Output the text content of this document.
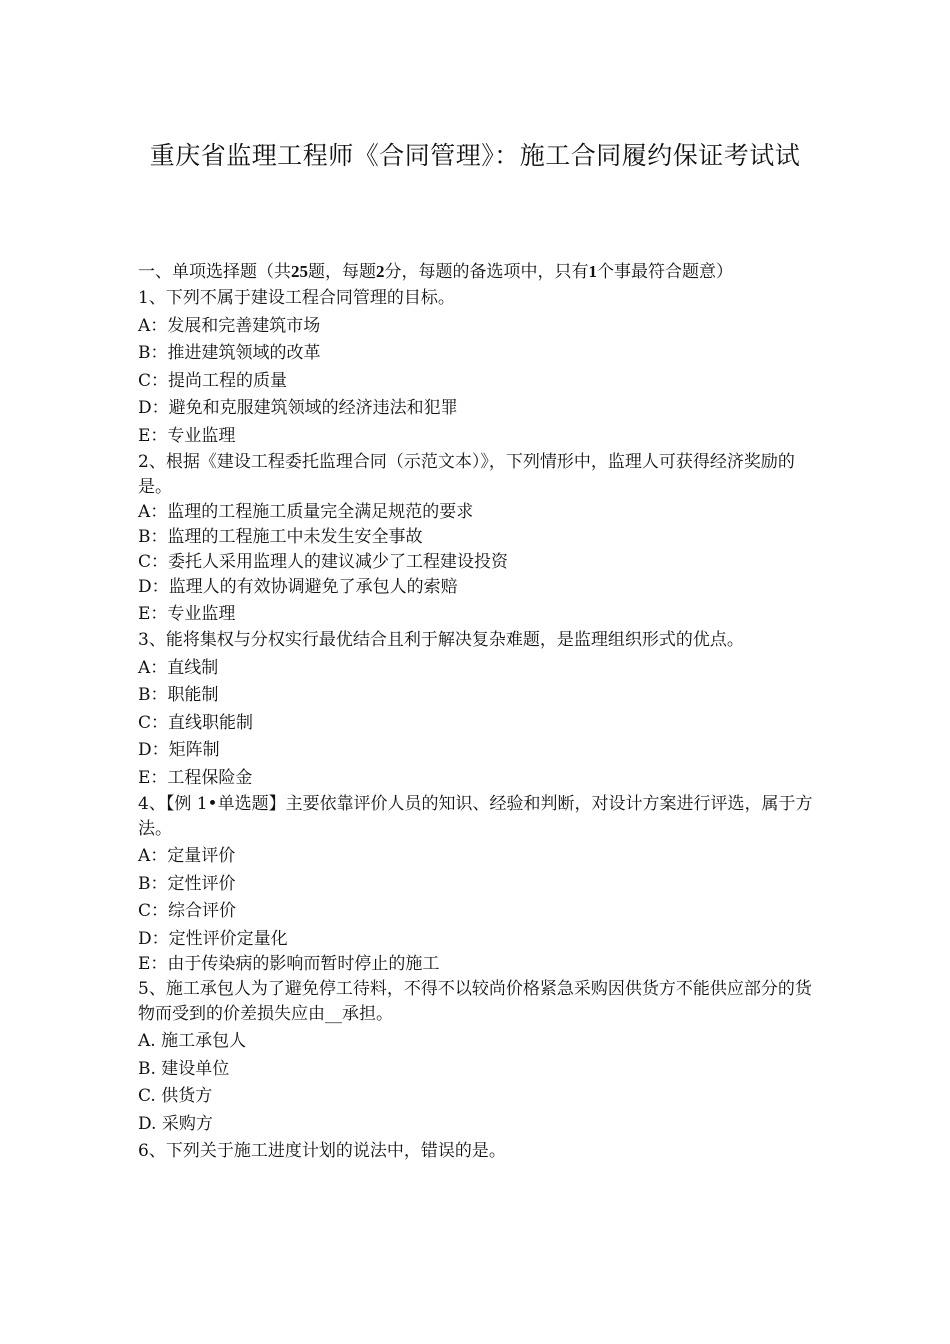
重庆省监理工程师《合同管理》：施工合同履约保证考试试

一、单项选择题（共25题，每题2分，每题的备选项中，只有1个事最符合题意）

1、下列不属于建设工程合同管理的目标。

A：发展和完善建筑市场

B：推进建筑领域的改革

C：提尚工程的质量

D：避免和克服建筑领域的经济违法和犯罪

E：专业监理

2、根据《建设工程委托监理合同（示范文本）》，下列情形中，监理人可获得经济奖励的是。

A：监理的工程施工质量完全满足规范的要求

B：监理的工程施工中未发生安全事故

C：委托人采用监理人的建议减少了工程建设投资

D：监理人的有效协调避免了承包人的索赔

E：专业监理

3、能将集权与分权实行最优结合且利于解决复杂难题，是监理组织形式的优点。

A：直线制

B：职能制

C：直线职能制

D：矩阵制

E：工程保险金

4、【例 1•单选题】主要依靠评价人员的知识、经验和判断，对设计方案进行评选，属于方法。

A：定量评价

B：定性评价

C：综合评价

D：定性评价定量化

E：由于传染病的影响而暂时停止的施工

5、施工承包人为了避免停工待料，不得不以较尚价格紧急采购因供货方不能供应部分的货物而受到的价差损失应由__承担。

A. 施工承包人

B. 建设单位

C. 供货方

D. 采购方

6、下列关于施工进度计划的说法中，错误的是。
